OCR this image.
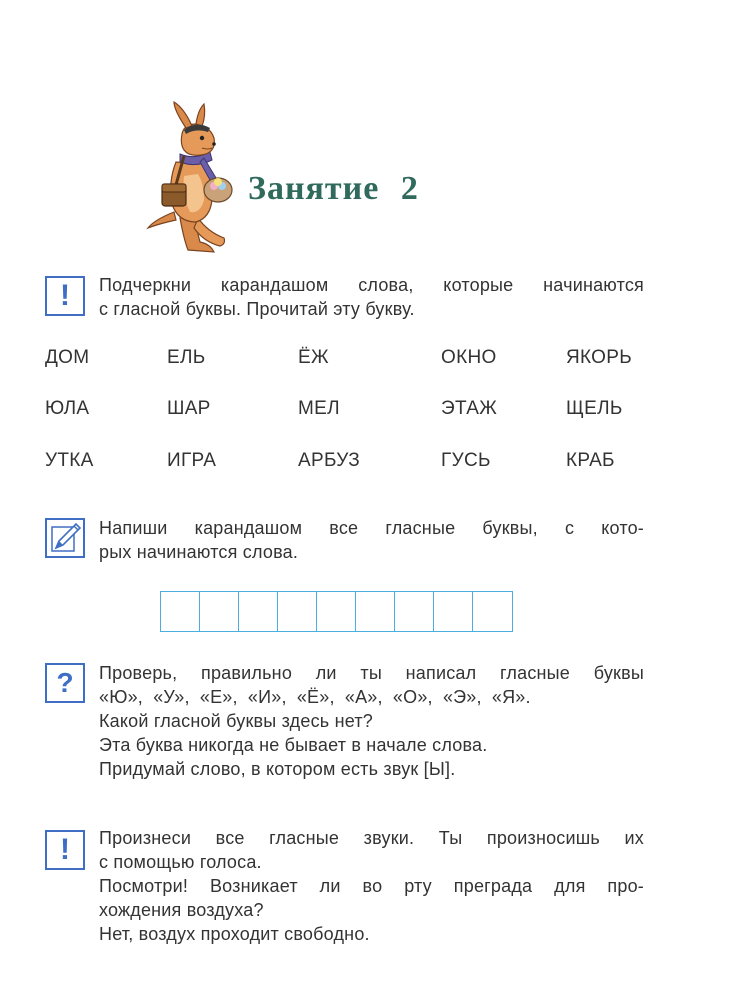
Занятие 2
!	Подчеркни карандашом слова, которые начинаются
с гласной буквы. Прочитай эту букву.
ДОМ	ЕЛЬ	ЁЖ	ОКНО	ЯКОРЬ
ЮЛА	ШАР	МЕЛ	ЭТАЖ	ЩЕЛЬ
УТКА	ИГРА	АРБУЗ	ГУСЬ	КРАБ
Напиши карандашом все гласные буквы, с кото-
рых начинаются слова.
?	Проверь, правильно ли ты написал гласные буквы
«Ю», «У», «Е», «И», «Ё», «А», «О», «Э», «Я».
Какой гласной буквы здесь нет?
Эта буква никогда не бывает в начале слова.
Придумай слово, в котором есть звук [Ы].
!	Произнеси все гласные звуки. Ты произносишь их
с помощью голоса.
Посмотри! Возникает ли во рту преграда для про-
хождения воздуха?
Нет, воздух проходит свободно.
